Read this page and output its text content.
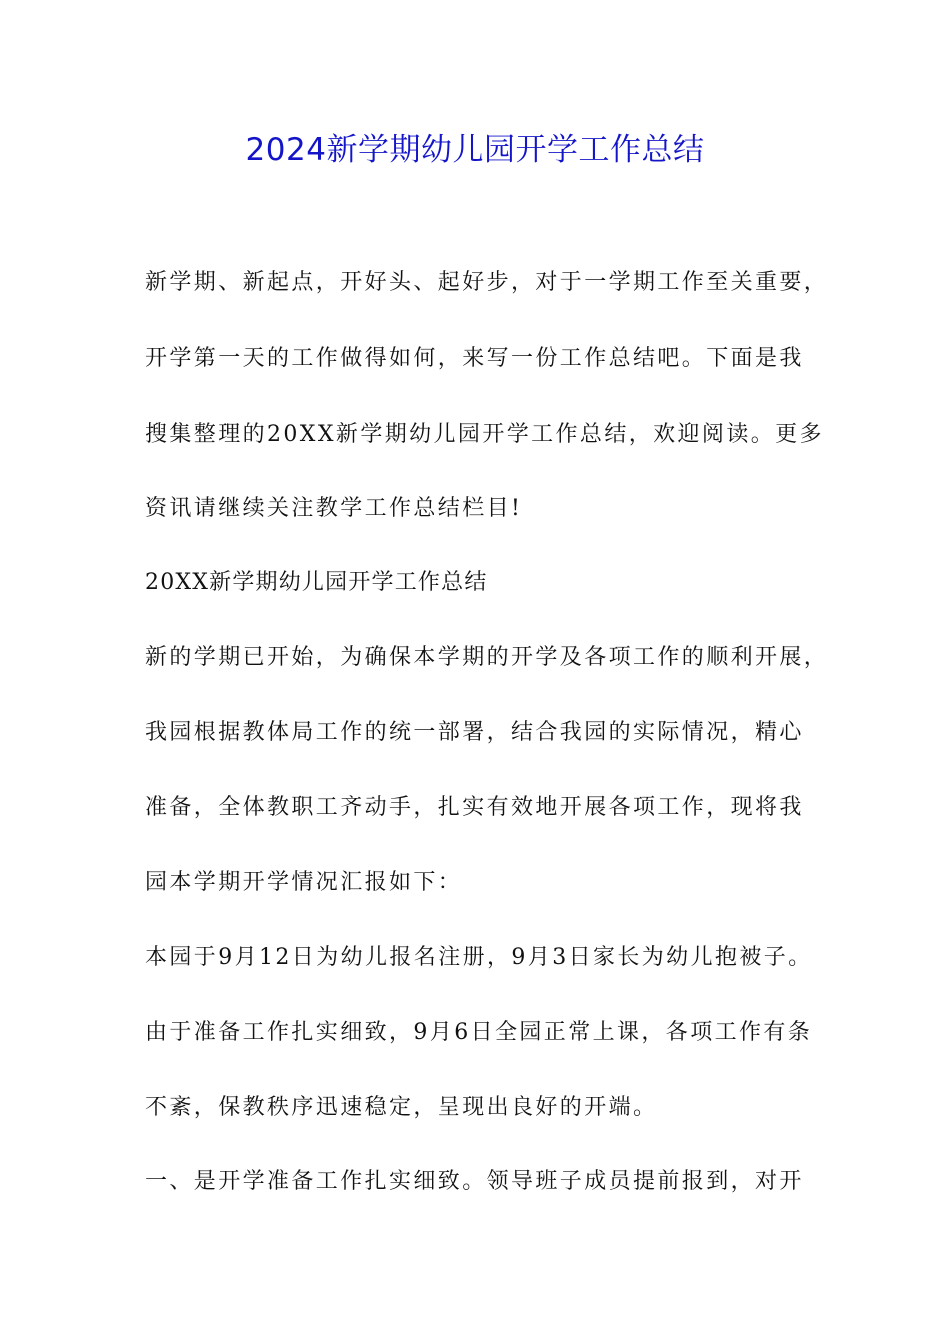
2024新学期幼儿园开学工作总结
新学期、新起点，开好头、起好步，对于一学期工作至关重要，
开学第一天的工作做得如何，来写一份工作总结吧。下面是我
搜集整理的20XX新学期幼儿园开学工作总结，欢迎阅读。更多
资讯请继续关注教学工作总结栏目!
20XX新学期幼儿园开学工作总结
新的学期已开始，为确保本学期的开学及各项工作的顺利开展，
我园根据教体局工作的统一部署，结合我园的实际情况，精心
准备，全体教职工齐动手，扎实有效地开展各项工作，现将我
园本学期开学情况汇报如下：
本园于9月12日为幼儿报名注册，9月3日家长为幼儿抱被子。
由于准备工作扎实细致，9月6日全园正常上课，各项工作有条
不紊，保教秩序迅速稳定，呈现出良好的开端。
一、是开学准备工作扎实细致。领导班子成员提前报到，对开
